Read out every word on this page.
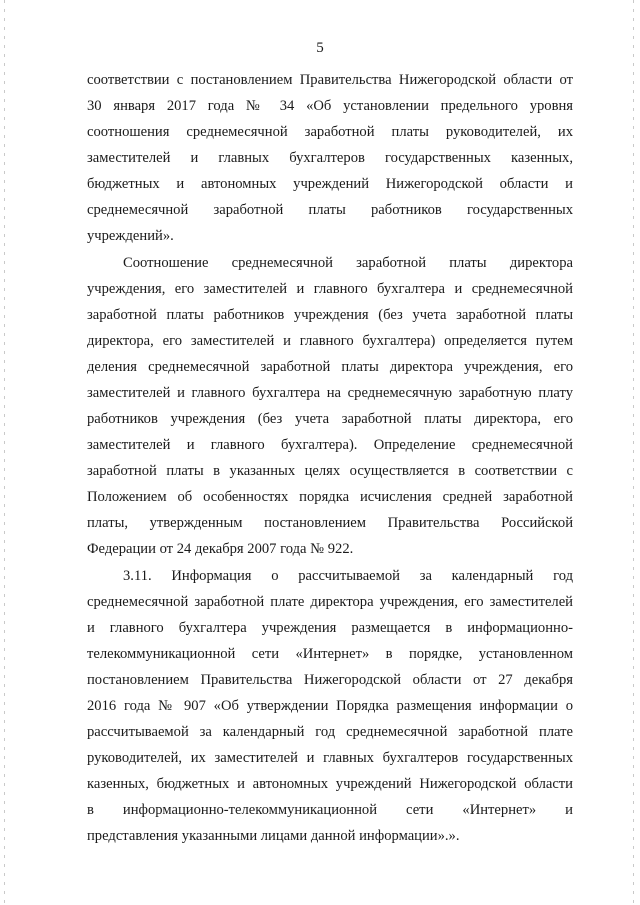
5
соответствии с постановлением Правительства Нижегородской области от
30 января 2017 года № 34 «Об установлении предельного уровня
соотношения среднемесячной заработной платы руководителей, их
заместителей и главных бухгалтеров государственных казенных,
бюджетных и автономных учреждений Нижегородской области и
среднемесячной заработной платы работников государственных
учреждений».
Соотношение среднемесячной заработной платы директора
учреждения, его заместителей и главного бухгалтера и среднемесячной
заработной платы работников учреждения (без учета заработной платы
директора, его заместителей и главного бухгалтера) определяется путем
деления среднемесячной заработной платы директора учреждения, его
заместителей и главного бухгалтера на среднемесячную заработную плату
работников учреждения (без учета заработной платы директора, его
заместителей и главного бухгалтера). Определение среднемесячной
заработной платы в указанных целях осуществляется в соответствии с
Положением об особенностях порядка исчисления средней заработной
платы, утвержденным постановлением Правительства Российской
Федерации от 24 декабря 2007 года № 922.
3.11. Информация о рассчитываемой за календарный год
среднемесячной заработной плате директора учреждения, его заместителей
и главного бухгалтера учреждения размещается в информационно-
телекоммуникационной сети «Интернет» в порядке, установленном
постановлением Правительства Нижегородской области от 27 декабря
2016 года № 907 «Об утверждении Порядка размещения информации о
рассчитываемой за календарный год среднемесячной заработной плате
руководителей, их заместителей и главных бухгалтеров государственных
казенных, бюджетных и автономных учреждений Нижегородской области
в информационно-телекоммуникационной сети «Интернет» и
представления указанными лицами данной информации».».
